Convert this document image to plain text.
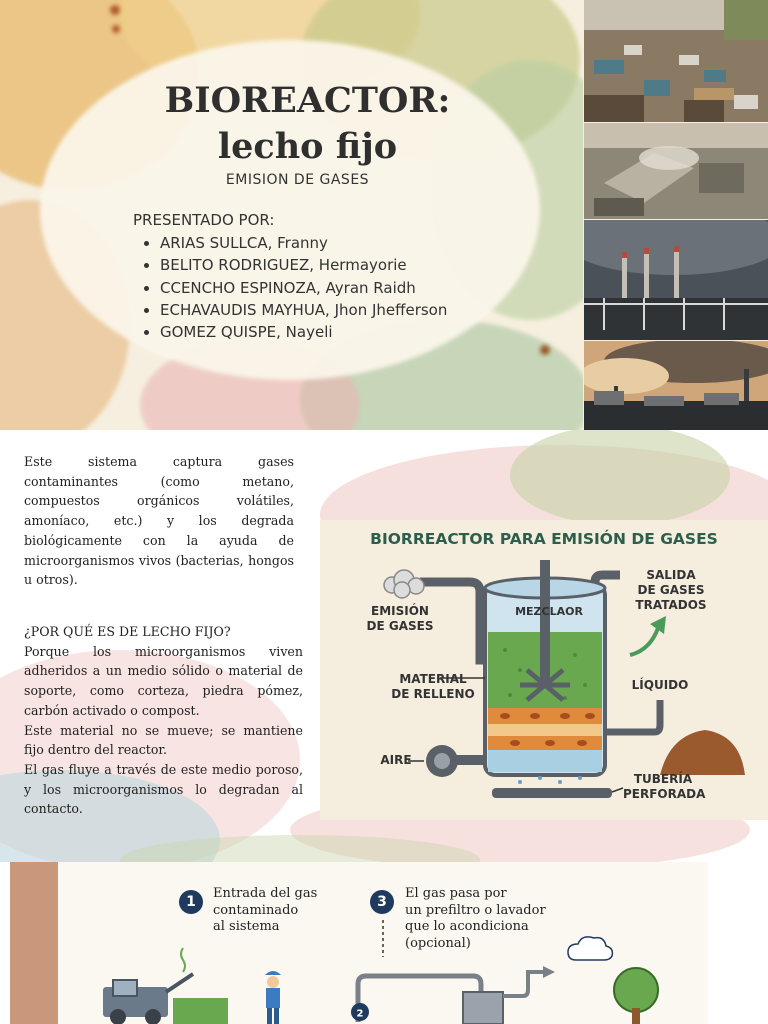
BIOREACTOR:
lecho fijo
EMISION DE GASES
PRESENTADO POR:
• ARIAS SULLCA, Franny
• BELITO RODRIGUEZ, Hermayorie
• CCENCHO ESPINOZA, Ayran Raidh
• ECHAVAUDIS MAYHUA, Jhon Jhefferson
• GOMEZ QUISPE, Nayeli
Este sistema captura gases contaminantes (como metano, compuestos orgánicos volátiles, amoníaco, etc.) y los degrada biológicamente con la ayuda de microorganismos vivos (bacterias, hongos u otros).

¿POR QUÉ ES DE LECHO FIJO?

Porque los microorganismos viven adheridos a un medio sólido o material de soporte, como corteza, piedra pómez, carbón activado o compost.

Este material no se mueve; se mantiene fijo dentro del reactor.

El gas fluye a través de este medio poroso, y los microorganismos lo degradan al contacto.

BIORREACTOR PARA EMISIÓN DE GASES
EMISIÓN
DE GASES
MEZCLAOR
SALIDA
DE GASES
TRATADOS
MATERIAL
DE RELLENO
LÍQUIDO
AIRE
TUBERÍA
PERFORADA
1
Entrada del gas
contaminado
al sistema
3
El gas pasa por
un prefiltro o lavador
que lo acondiciona
(opcional)
2
